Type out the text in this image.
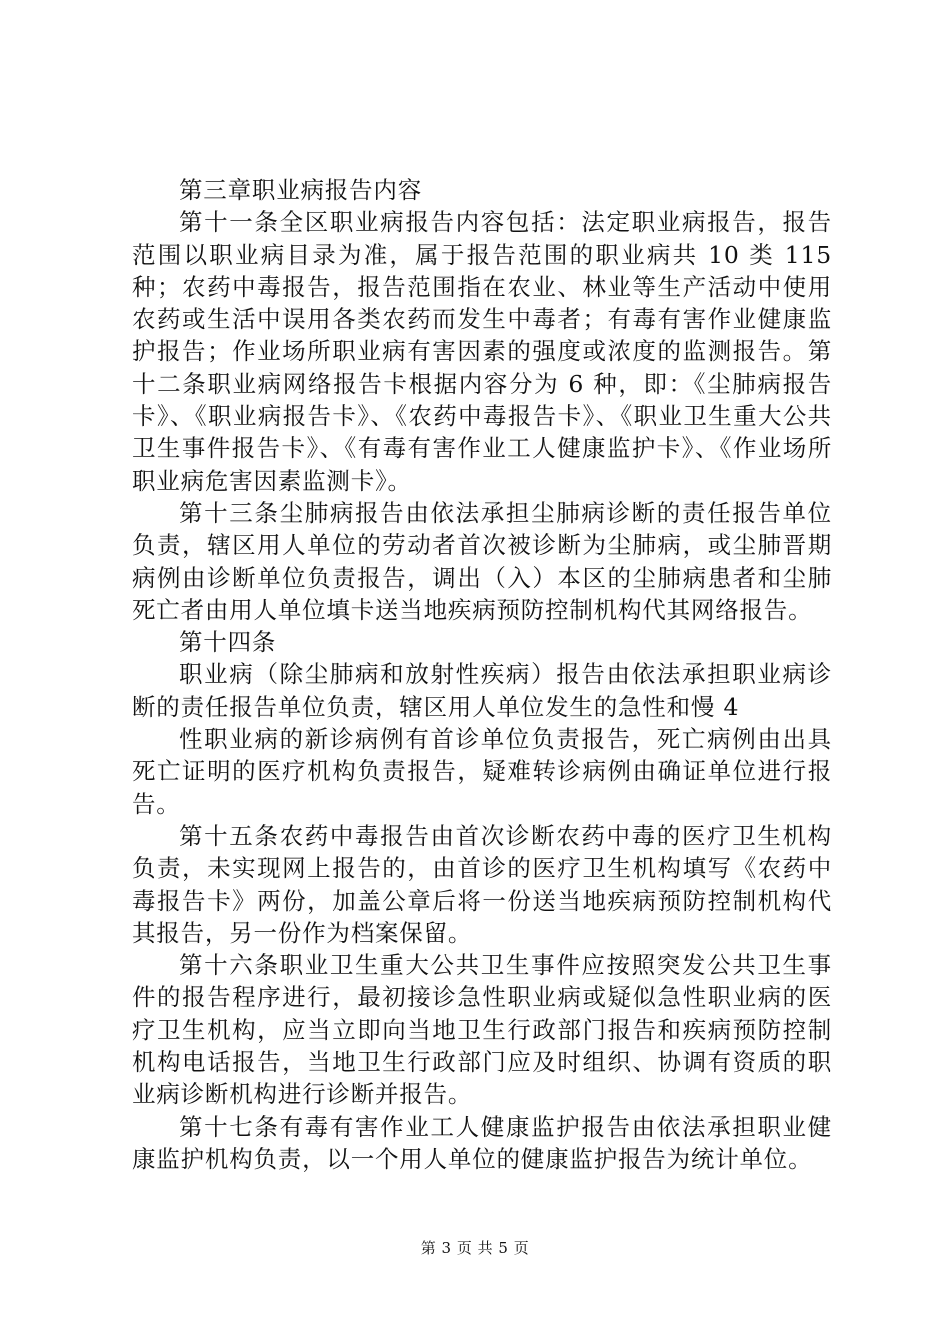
第三章职业病报告内容

第十一条全区职业病报告内容包括：法定职业病报告，报告范围以职业病目录为准，属于报告范围的职业病共 10 类 115 种；农药中毒报告，报告范围指在农业、林业等生产活动中使用农药或生活中误用各类农药而发生中毒者；有毒有害作业健康监护报告；作业场所职业病有害因素的强度或浓度的监测报告。第十二条职业病网络报告卡根据内容分为 6 种，即：《尘肺病报告卡》、《职业病报告卡》、《农药中毒报告卡》、《职业卫生重大公共卫生事件报告卡》、《有毒有害作业工人健康监护卡》、《作业场所职业病危害因素监测卡》。

第十三条尘肺病报告由依法承担尘肺病诊断的责任报告单位负责，辖区用人单位的劳动者首次被诊断为尘肺病，或尘肺晋期病例由诊断单位负责报告，调出（入）本区的尘肺病患者和尘肺死亡者由用人单位填卡送当地疾病预防控制机构代其网络报告。

第十四条

职业病（除尘肺病和放射性疾病）报告由依法承担职业病诊断的责任报告单位负责，辖区用人单位发生的急性和慢 4

性职业病的新诊病例有首诊单位负责报告，死亡病例由出具死亡证明的医疗机构负责报告，疑难转诊病例由确证单位进行报告。

第十五条农药中毒报告由首次诊断农药中毒的医疗卫生机构负责，未实现网上报告的，由首诊的医疗卫生机构填写《农药中毒报告卡》两份，加盖公章后将一份送当地疾病预防控制机构代其报告，另一份作为档案保留。

第十六条职业卫生重大公共卫生事件应按照突发公共卫生事件的报告程序进行，最初接诊急性职业病或疑似急性职业病的医疗卫生机构，应当立即向当地卫生行政部门报告和疾病预防控制机构电话报告，当地卫生行政部门应及时组织、协调有资质的职业病诊断机构进行诊断并报告。

第十七条有毒有害作业工人健康监护报告由依法承担职业健康监护机构负责，以一个用人单位的健康监护报告为统计单位。

第 3 页 共 5 页
